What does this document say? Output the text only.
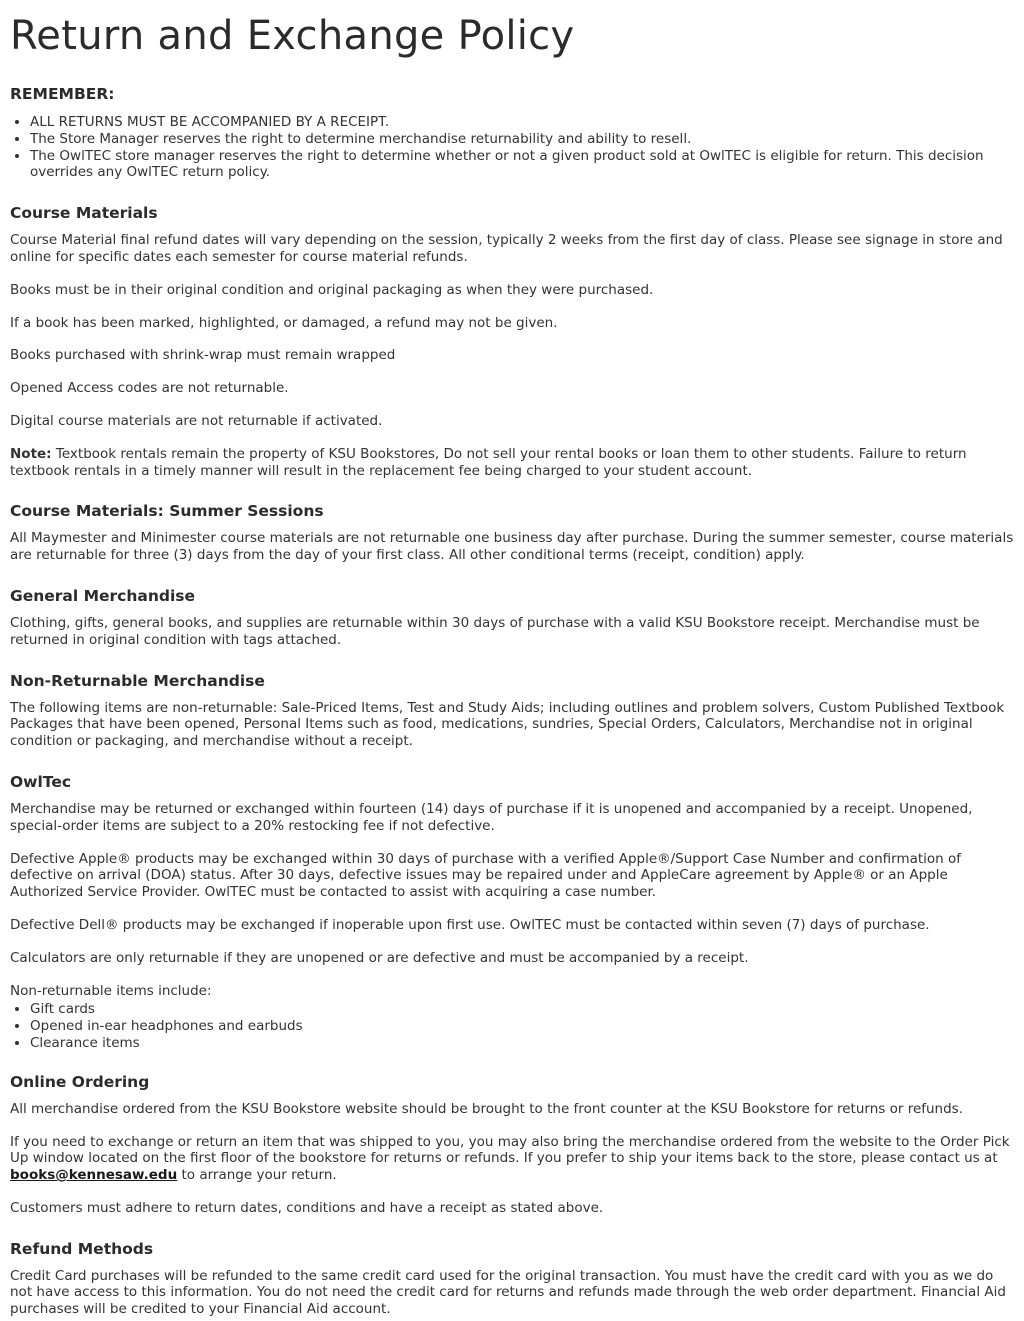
Return and Exchange Policy
REMEMBER:
• ALL RETURNS MUST BE ACCOMPANIED BY A RECEIPT.
• The Store Manager reserves the right to determine merchandise returnability and ability to resell.
• The OwlTEC store manager reserves the right to determine whether or not a given product sold at OwlTEC is eligible for return. This decision overrides any OwlTEC return policy.
Course Materials

Course Material final refund dates will vary depending on the session, typically 2 weeks from the first day of class. Please see signage in store and online for specific dates each semester for course material refunds.

Books must be in their original condition and original packaging as when they were purchased.

If a book has been marked, highlighted, or damaged, a refund may not be given.

Books purchased with shrink-wrap must remain wrapped

Opened Access codes are not returnable.

Digital course materials are not returnable if activated.

Note: Textbook rentals remain the property of KSU Bookstores, Do not sell your rental books or loan them to other students. Failure to return textbook rentals in a timely manner will result in the replacement fee being charged to your student account.

Course Materials: Summer Sessions

All Maymester and Minimester course materials are not returnable one business day after purchase. During the summer semester, course materials are returnable for three (3) days from the day of your first class. All other conditional terms (receipt, condition) apply.

General Merchandise

Clothing, gifts, general books, and supplies are returnable within 30 days of purchase with a valid KSU Bookstore receipt. Merchandise must be returned in original condition with tags attached.

Non-Returnable Merchandise

The following items are non-returnable: Sale-Priced Items, Test and Study Aids; including outlines and problem solvers, Custom Published Textbook Packages that have been opened, Personal Items such as food, medications, sundries, Special Orders, Calculators, Merchandise not in original condition or packaging, and merchandise without a receipt.

OwlTec

Merchandise may be returned or exchanged within fourteen (14) days of purchase if it is unopened and accompanied by a receipt. Unopened, special-order items are subject to a 20% restocking fee if not defective.

Defective Apple® products may be exchanged within 30 days of purchase with a verified Apple®/Support Case Number and confirmation of defective on arrival (DOA) status. After 30 days, defective issues may be repaired under and AppleCare agreement by Apple® or an Apple Authorized Service Provider. OwlTEC must be contacted to assist with acquiring a case number.

Defective Dell® products may be exchanged if inoperable upon first use. OwlTEC must be contacted within seven (7) days of purchase.

Calculators are only returnable if they are unopened or are defective and must be accompanied by a receipt.

Non-returnable items include:

• Gift cards
• Opened in-ear headphones and earbuds
• Clearance items
Online Ordering

All merchandise ordered from the KSU Bookstore website should be brought to the front counter at the KSU Bookstore for returns or refunds.

If you need to exchange or return an item that was shipped to you, you may also bring the merchandise ordered from the website to the Order Pick Up window located on the first floor of the bookstore for returns or refunds. If you prefer to ship your items back to the store, please contact us at books@kennesaw.edu to arrange your return.

Customers must adhere to return dates, conditions and have a receipt as stated above.

Refund Methods

Credit Card purchases will be refunded to the same credit card used for the original transaction. You must have the credit card with you as we do not have access to this information. You do not need the credit card for returns and refunds made through the web order department. Financial Aid purchases will be credited to your Financial Aid account.
